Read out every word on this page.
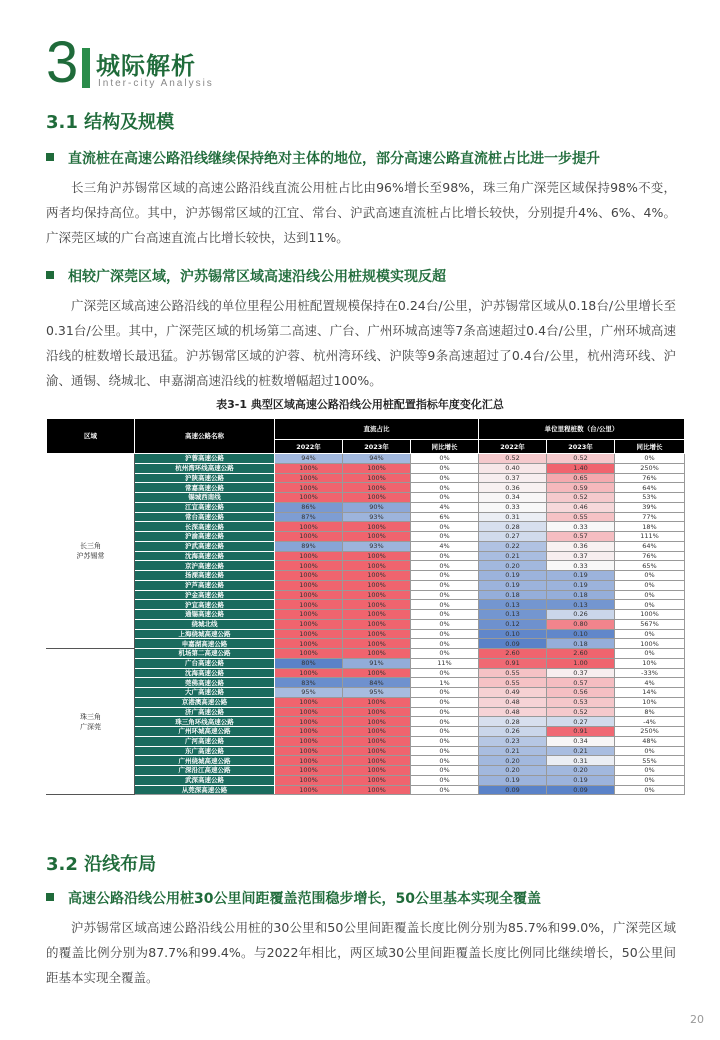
3 城际解析
Inter-city Analysis
3.1 结构及规模
直流桩在高速公路沿线继续保持绝对主体的地位，部分高速公路直流桩占比进一步提升
长三角沪苏锡常区域的高速公路沿线直流公用桩占比由96%增长至98%，珠三角广深莞区域保持98%不变，两者均保持高位。其中，沪苏锡常区域的江宜、常台、沪武高速直流桩占比增长较快，分别提升4%、6%、4%。广深莞区域的广台高速直流占比增长较快，达到11%。
相较广深莞区域，沪苏锡常区域高速沿线公用桩规模实现反超
广深莞区域高速公路沿线的单位里程公用桩配置规模保持在0.24台/公里，沪苏锡常区域从0.18台/公里增长至0.31台/公里。其中，广深莞区域的机场第二高速、广台、广州环城高速等7条高速超过0.4台/公里，广州环城高速沿线的桩数增长最迅猛。沪苏锡常区域的沪蓉、杭州湾环线、沪陕等9条高速超过了0.4台/公里，杭州湾环线、沪渝、通锡、绕城北、申嘉湖高速沿线的桩数增幅超过100%。
表3-1 典型区域高速公路沿线公用桩配置指标年度变化汇总
区域	高速公路名称	直流占比			单位里程桩数（台/公里）		
		2022年	2023年	同比增长	2022年	2023年	同比增长
长三角
沪苏锡常	沪蓉高速公路	94%	94%	0%	0.52	0.52	0%
	杭州湾环线高速公路	100%	100%	0%	0.40	1.40	250%
	沪陕高速公路	100%	100%	0%	0.37	0.65	76%
	常嘉高速公路	100%	100%	0%	0.36	0.59	64%
	锡城西南线	100%	100%	0%	0.34	0.52	53%
	江宜高速公路	86%	90%	4%	0.33	0.46	39%
	常台高速公路	87%	93%	6%	0.31	0.55	77%
	长深高速公路	100%	100%	0%	0.28	0.33	18%
	沪渝高速公路	100%	100%	0%	0.27	0.57	111%
	沪武高速公路	89%	93%	4%	0.22	0.36	64%
	沈海高速公路	100%	100%	0%	0.21	0.37	76%
	京沪高速公路	100%	100%	0%	0.20	0.33	65%
	扬溧高速公路	100%	100%	0%	0.19	0.19	0%
	沪芦高速公路	100%	100%	0%	0.19	0.19	0%
	沪金高速公路	100%	100%	0%	0.18	0.18	0%
	沪宜高速公路	100%	100%	0%	0.13	0.13	0%
	通锡高速公路	100%	100%	0%	0.13	0.26	100%
	绕城北线	100%	100%	0%	0.12	0.80	567%
	上海绕城高速公路	100%	100%	0%	0.10	0.10	0%
	申嘉湖高速公路	100%	100%	0%	0.09	0.18	100%
珠三角
广深莞	机场第二高速公路	100%	100%	0%	2.60	2.60	0%
	广台高速公路	80%	91%	11%	0.91	1.00	10%
	沈海高速公路	100%	100%	0%	0.55	0.37	-33%
	莞佛高速公路	83%	84%	1%	0.55	0.57	4%
	大广高速公路	95%	95%	0%	0.49	0.56	14%
	京港澳高速公路	100%	100%	0%	0.48	0.53	10%
	济广高速公路	100%	100%	0%	0.48	0.52	8%
	珠三角环线高速公路	100%	100%	0%	0.28	0.27	-4%
	广州环城高速公路	100%	100%	0%	0.26	0.91	250%
	广河高速公路	100%	100%	0%	0.23	0.34	48%
	东广高速公路	100%	100%	0%	0.21	0.21	0%
	广州绕城高速公路	100%	100%	0%	0.20	0.31	55%
	广深沿江高速公路	100%	100%	0%	0.20	0.20	0%
	武深高速公路	100%	100%	0%	0.19	0.19	0%
	从莞深高速公路	100%	100%	0%	0.09	0.09	0%
3.2 沿线布局
高速公路沿线公用桩30公里间距覆盖范围稳步增长，50公里基本实现全覆盖
沪苏锡常区域高速公路沿线公用桩的30公里和50公里间距覆盖长度比例分别为85.7%和99.0%，广深莞区域的覆盖比例分别为87.7%和99.4%。与2022年相比，两区域30公里间距覆盖长度比例同比继续增长，50公里间距基本实现全覆盖。
20
